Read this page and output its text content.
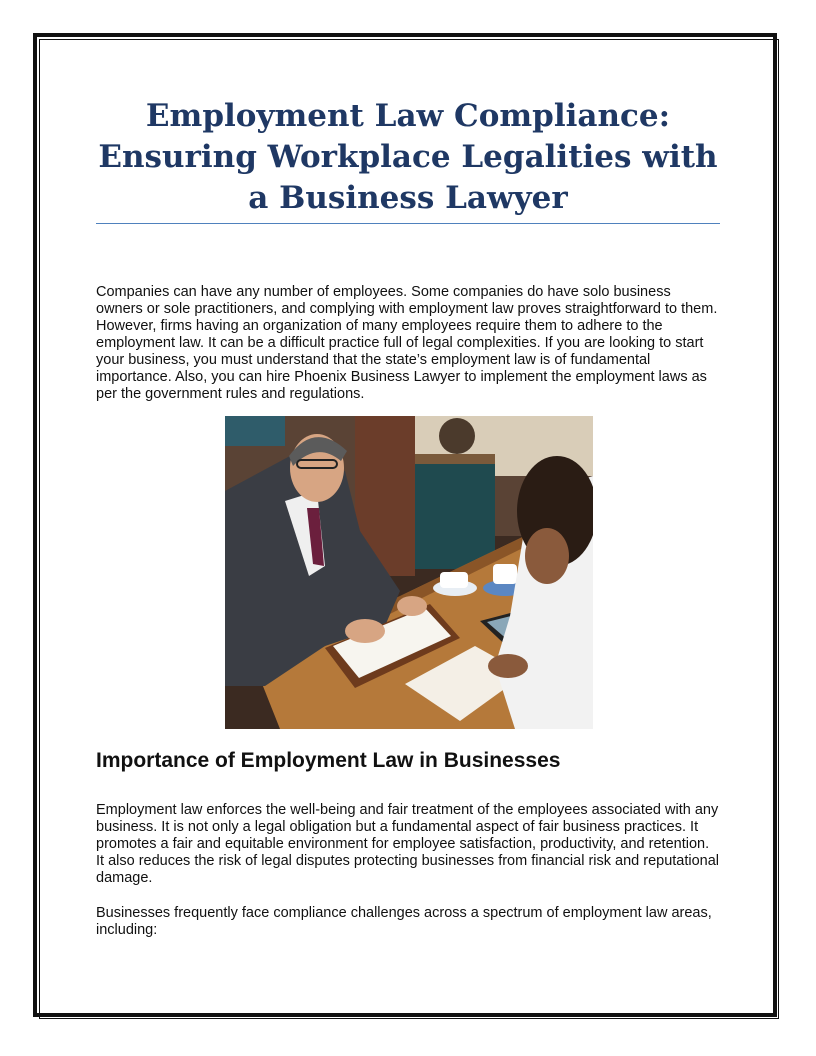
Employment Law Compliance: Ensuring Workplace Legalities with a Business Lawyer

Companies can have any number of employees. Some companies do have solo business owners or sole practitioners, and complying with employment law proves straightforward to them. However, firms having an organization of many employees require them to adhere to the employment law. It can be a difficult practice full of legal complexities. If you are looking to start your business, you must understand that the state’s employment law is of fundamental importance. Also, you can hire Phoenix Business Lawyer to implement the employment laws as per the government rules and regulations.

Importance of Employment Law in Businesses

Employment law enforces the well-being and fair treatment of the employees associated with any business. It is not only a legal obligation but a fundamental aspect of fair business practices. It promotes a fair and equitable environment for employee satisfaction, productivity, and retention. It also reduces the risk of legal disputes protecting businesses from financial risk and reputational damage.

Businesses frequently face compliance challenges across a spectrum of employment law areas, including:
